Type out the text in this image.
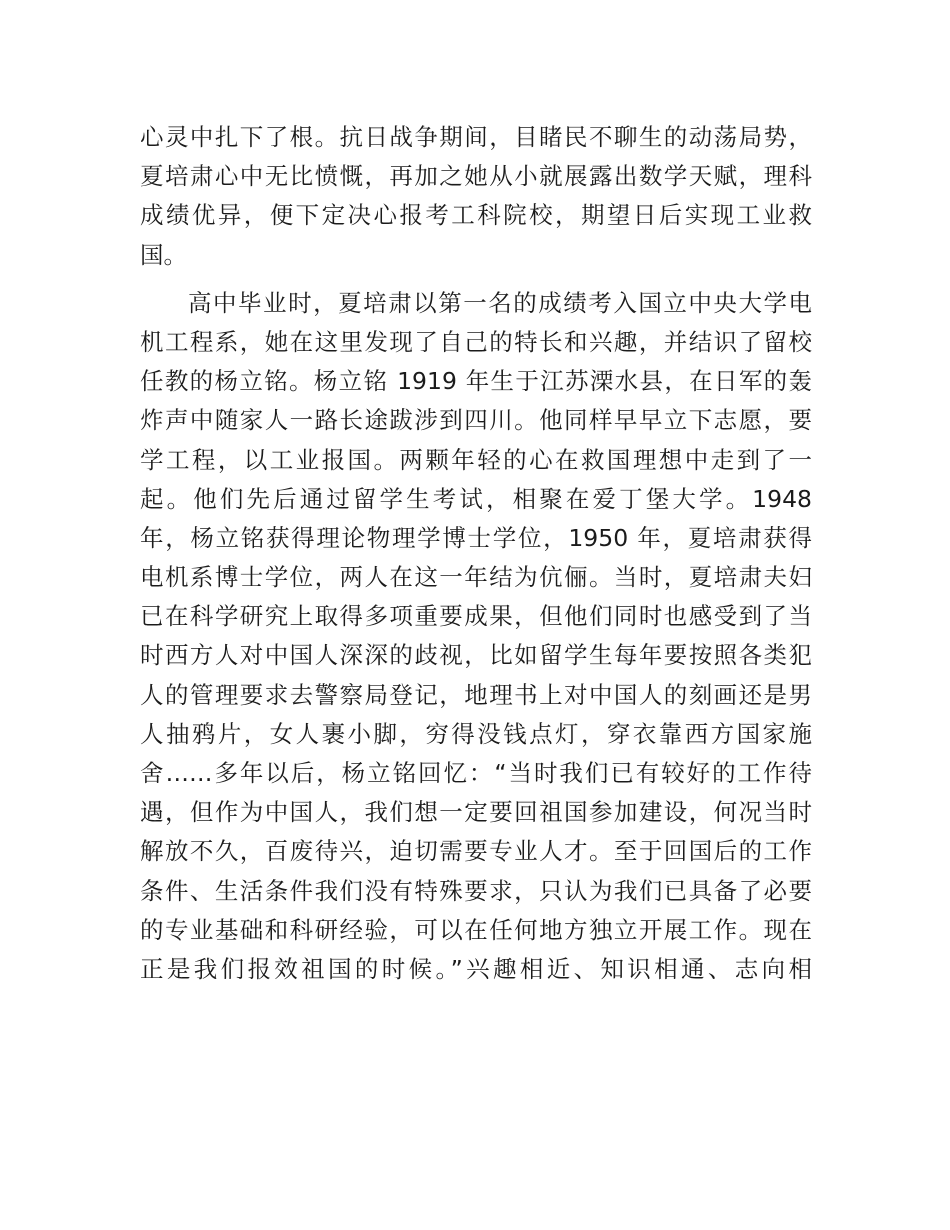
心灵中扎下了根。抗日战争期间，目睹民不聊生的动荡局势，
夏培肃心中无比愤慨，再加之她从小就展露出数学天赋，理科
成绩优异，便下定决心报考工科院校，期望日后实现工业救
国。
高中毕业时，夏培肃以第一名的成绩考入国立中央大学电
机工程系，她在这里发现了自己的特长和兴趣，并结识了留校
任教的杨立铭。杨立铭 1919 年生于江苏溧水县，在日军的轰
炸声中随家人一路长途跋涉到四川。他同样早早立下志愿，要
学工程，以工业报国。两颗年轻的心在救国理想中走到了一
起。他们先后通过留学生考试，相聚在爱丁堡大学。1948
年，杨立铭获得理论物理学博士学位，1950 年，夏培肃获得
电机系博士学位，两人在这一年结为伉俪。当时，夏培肃夫妇
已在科学研究上取得多项重要成果，但他们同时也感受到了当
时西方人对中国人深深的歧视，比如留学生每年要按照各类犯
人的管理要求去警察局登记，地理书上对中国人的刻画还是男
人抽鸦片，女人裹小脚，穷得没钱点灯，穿衣靠西方国家施
舍……多年以后，杨立铭回忆：“当时我们已有较好的工作待
遇，但作为中国人，我们想一定要回祖国参加建设，何况当时
解放不久，百废待兴，迫切需要专业人才。至于回国后的工作
条件、生活条件我们没有特殊要求，只认为我们已具备了必要
的专业基础和科研经验，可以在任何地方独立开展工作。现在
正是我们报效祖国的时候。”兴趣相近、知识相通、志向相
